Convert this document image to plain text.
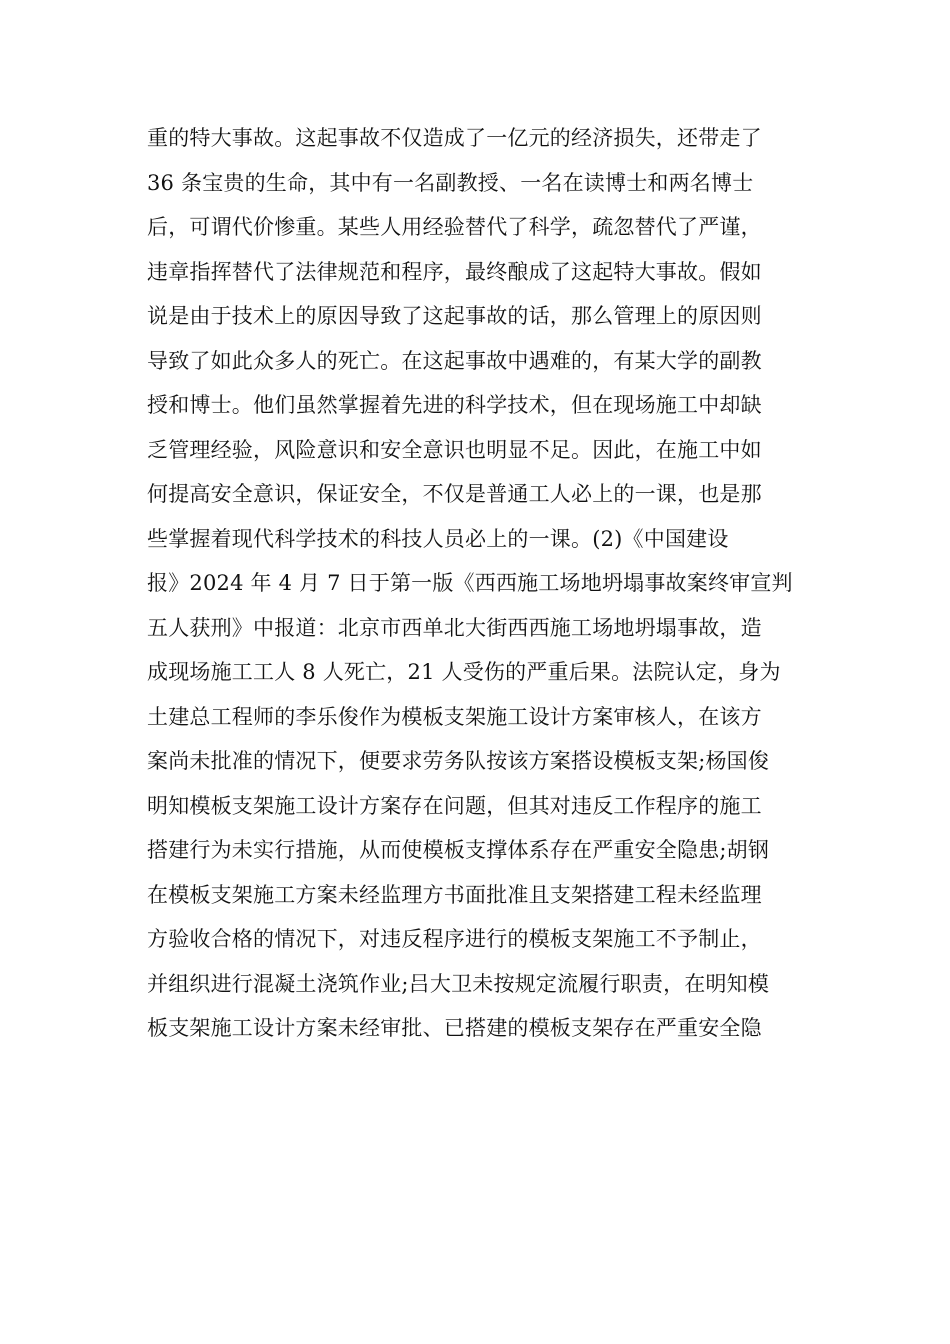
重的特大事故。这起事故不仅造成了一亿元的经济损失，还带走了
36 条宝贵的生命，其中有一名副教授、一名在读博士和两名博士
后，可谓代价惨重。某些人用经验替代了科学，疏忽替代了严谨，
违章指挥替代了法律规范和程序，最终酿成了这起特大事故。假如
说是由于技术上的原因导致了这起事故的话，那么管理上的原因则
导致了如此众多人的死亡。在这起事故中遇难的，有某大学的副教
授和博士。他们虽然掌握着先进的科学技术，但在现场施工中却缺
乏管理经验，风险意识和安全意识也明显不足。因此，在施工中如
何提高安全意识，保证安全，不仅是普通工人必上的一课，也是那
些掌握着现代科学技术的科技人员必上的一课。(2)《中国建设
报》2024 年 4 月 7 日于第一版《西西施工场地坍塌事故案终审宣判
五人获刑》中报道：北京市西单北大街西西施工场地坍塌事故，造
成现场施工工人 8 人死亡，21 人受伤的严重后果。法院认定，身为
土建总工程师的李乐俊作为模板支架施工设计方案审核人，在该方
案尚未批准的情况下，便要求劳务队按该方案搭设模板支架;杨国俊
明知模板支架施工设计方案存在问题，但其对违反工作程序的施工
搭建行为未实行措施，从而使模板支撑体系存在严重安全隐患;胡钢
在模板支架施工方案未经监理方书面批准且支架搭建工程未经监理
方验收合格的情况下，对违反程序进行的模板支架施工不予制止，
并组织进行混凝土浇筑作业;吕大卫未按规定流履行职责，在明知模
板支架施工设计方案未经审批、已搭建的模板支架存在严重安全隐
